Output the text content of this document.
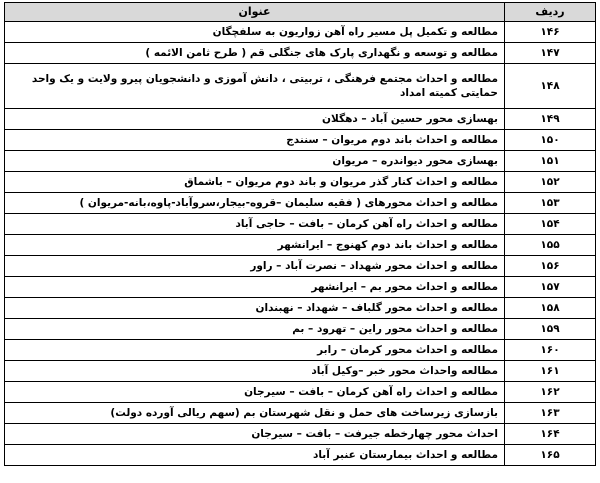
ردیف	عنوان
۱۴۶	مطالعه و تکمیل پل مسیر راه آهن زواریون به سلفچگان
۱۴۷	مطالعه و توسعه و نگهداری پارک های جنگلی قم ( طرح ثامن الائمه )
۱۴۸	مطالعه و احداث مجتمع فرهنگی ، تربیتی ، دانش آموزی و دانشجویان پیرو ولایت و یک واحد حمایتی کمیته امداد
۱۴۹	بهسازی محور حسین آباد – دهگلان
۱۵۰	مطالعه و احداث باند دوم مریوان – سنندج
۱۵۱	بهسازی محور دیواندره – مریوان
۱۵۲	مطالعه و احداث کنار گذر مریوان و باند دوم مریوان – باشماق
۱۵۳	مطالعه و احداث محورهای ( فقیه سلیمان –قروه-بیجار،سروآباد-پاوه،بانه-مریوان )
۱۵۴	مطالعه و احداث راه آهن کرمان – بافت – حاجی آباد
۱۵۵	مطالعه و احداث باند دوم کهنوج – ایرانشهر
۱۵۶	مطالعه و احداث محور شهداد – نصرت آباد – راور
۱۵۷	مطالعه و احداث محور بم – ایرانشهر
۱۵۸	مطالعه و احداث محور گلباف – شهداد – نهبندان
۱۵۹	مطالعه و احداث محور راین – تهرود – بم
۱۶۰	مطالعه و احداث محور کرمان – رابر
۱۶۱	مطالعه واحداث محور خبر –وکیل آباد
۱۶۲	مطالعه و احداث راه آهن کرمان – بافت – سیرجان
۱۶۳	بازسازی زیرساخت های حمل و نقل شهرستان بم (سهم ریالی آورده دولت)
۱۶۴	احداث محور چهارخطه جیرفت – بافت – سیرجان
۱۶۵	مطالعه و احداث بیمارستان عنبر آباد
